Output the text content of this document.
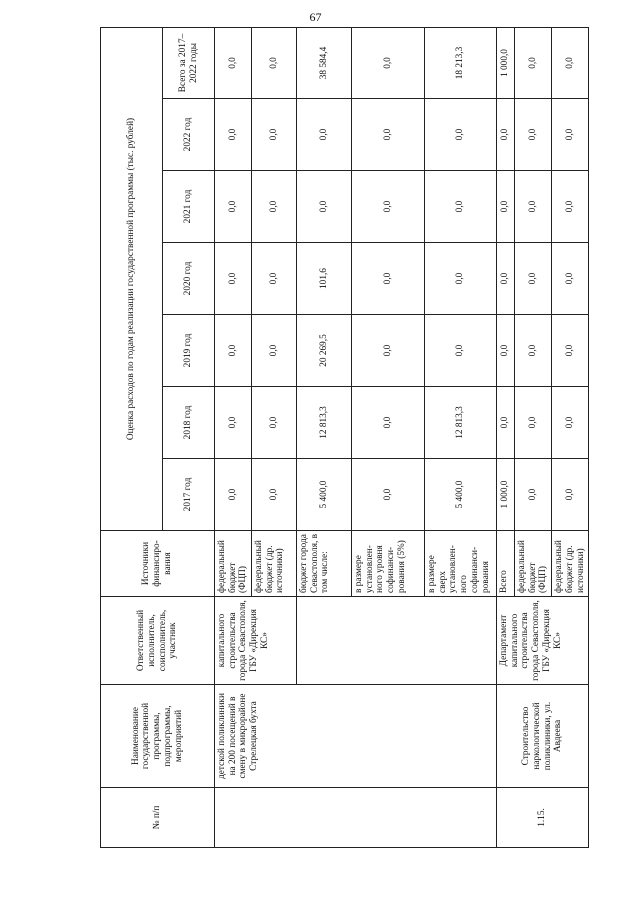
67
№ п/п	Наименование государственной программы, подпрограммы, мероприятий	Ответственный исполнитель, соисполнитель, участник	Источники финансиро-вания	Оценка расходов по годам реализации государственной программы (тыс. рублей)						
				2017 год	2018 год	2019 год	2020 год	2021 год	2022 год	Всего за 2017–2022 годы
	детской поликлиники на 200 посещений в смену в микрорайоне Стрелецкая бухта	капитального строительства города Севастополя, ГБУ «Дирекция КС»	федеральный бюджет (ФЦП)	0,0	0,0	0,0	0,0	0,0	0,0	0,0
			федеральный бюджет (др. источники)	0,0	0,0	0,0	0,0	0,0	0,0	0,0
			бюджет города Севастополя, в том числе:	5 400,0	12 813,3	20 269,5	101,6	0,0	0,0	38 584,4
			в размере установлен-ного уровня софинанси-рования (5%)	0,0	0,0	0,0	0,0	0,0	0,0	0,0
			в размере сверх установлен-ного софинанси-рования	5 400,0	12 813,3	0,0	0,0	0,0	0,0	18 213,3
1.15.	Строительство наркологической поликлиники, ул. Авдеева	Департамент капитального строительства города Севастополя, ГБУ «Дирекция КС»	Всего	1 000,0	0,0	0,0	0,0	0,0	0,0	1 000,0
			федеральный бюджет (ФЦП)	0,0	0,0	0,0	0,0	0,0	0,0	0,0
			федеральный бюджет (др. источники)	0,0	0,0	0,0	0,0	0,0	0,0	0,0
